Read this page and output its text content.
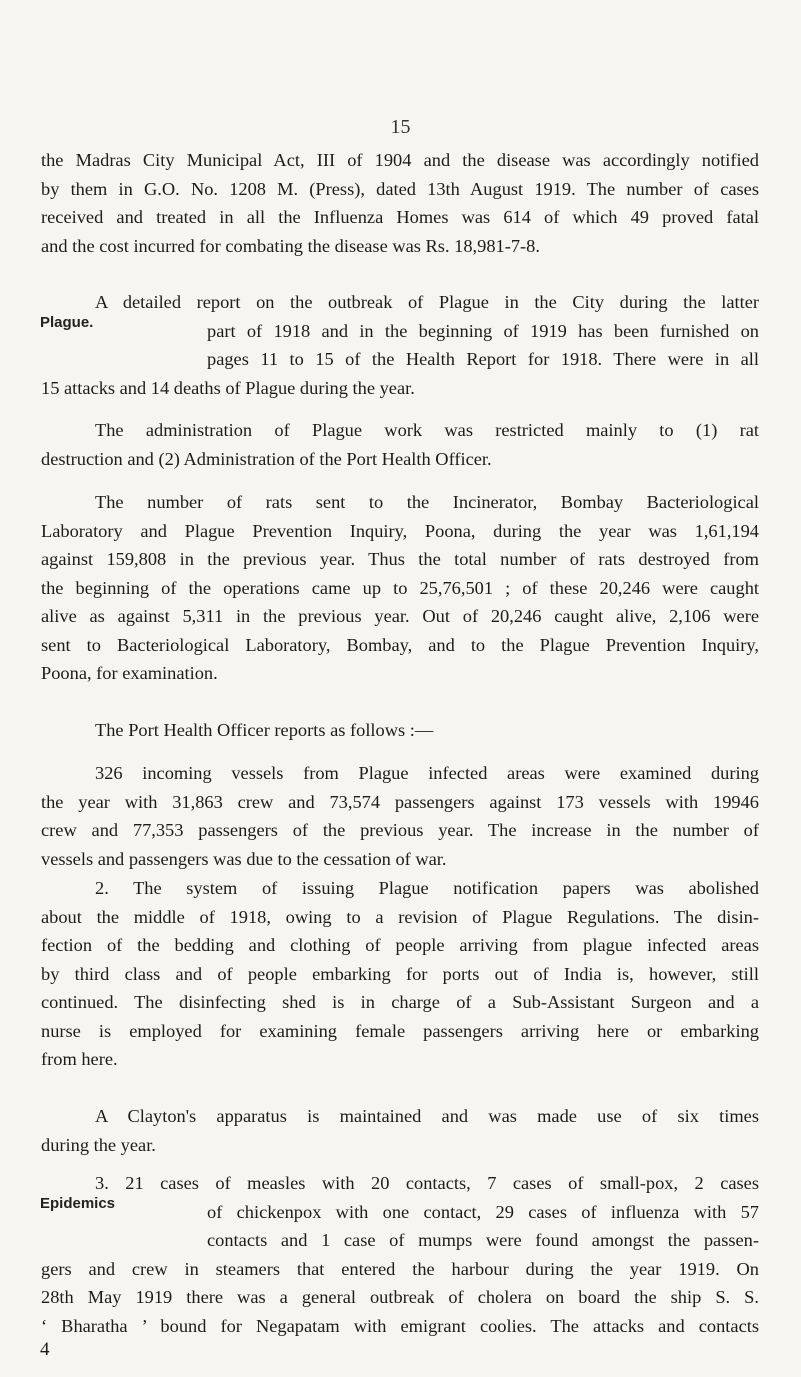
15
the Madras City Municipal Act, III of 1904 and the disease was accordingly notified
by them in G.O. No. 1208 M. (Press), dated 13th August 1919. The number of cases
received and treated in all the Influenza Homes was 614 of which 49 proved fatal
and the cost incurred for combating the disease was Rs. 18,981-7-8.
Plague.
A detailed report on the outbreak of Plague in the City during the latter
part of 1918 and in the beginning of 1919 has been furnished on
pages 11 to 15 of the Health Report for 1918. There were in all
15 attacks and 14 deaths of Plague during the year.
The administration of Plague work was restricted mainly to (1) rat
destruction and (2) Administration of the Port Health Officer.
The number of rats sent to the Incinerator, Bombay Bacteriological
Laboratory and Plague Prevention Inquiry, Poona, during the year was 1,61,194
against 159,808 in the previous year. Thus the total number of rats destroyed from
the beginning of the operations came up to 25,76,501 ; of these 20,246 were caught
alive as against 5,311 in the previous year. Out of 20,246 caught alive, 2,106 were
sent to Bacteriological Laboratory, Bombay, and to the Plague Prevention Inquiry,
Poona, for examination.
The Port Health Officer reports as follows :—
326 incoming vessels from Plague infected areas were examined during
the year with 31,863 crew and 73,574 passengers against 173 vessels with 19946
crew and 77,353 passengers of the previous year. The increase in the number of
vessels and passengers was due to the cessation of war.
2. The system of issuing Plague notification papers was abolished
about the middle of 1918, owing to a revision of Plague Regulations. The disin-
fection of the bedding and clothing of people arriving from plague infected areas
by third class and of people embarking for ports out of India is, however, still
continued. The disinfecting shed is in charge of a Sub-Assistant Surgeon and a
nurse is employed for examining female passengers arriving here or embarking
from here.
A Clayton's apparatus is maintained and was made use of six times
during the year.
Epidemics
3. 21 cases of measles with 20 contacts, 7 cases of small-pox, 2 cases
of chickenpox with one contact, 29 cases of influenza with 57
contacts and 1 case of mumps were found amongst the passen-
gers and crew in steamers that entered the harbour during the year 1919. On
28th May 1919 there was a general outbreak of cholera on board the ship S. S.
‘ Bharatha ’ bound for Negapatam with emigrant coolies. The attacks and contacts
4
